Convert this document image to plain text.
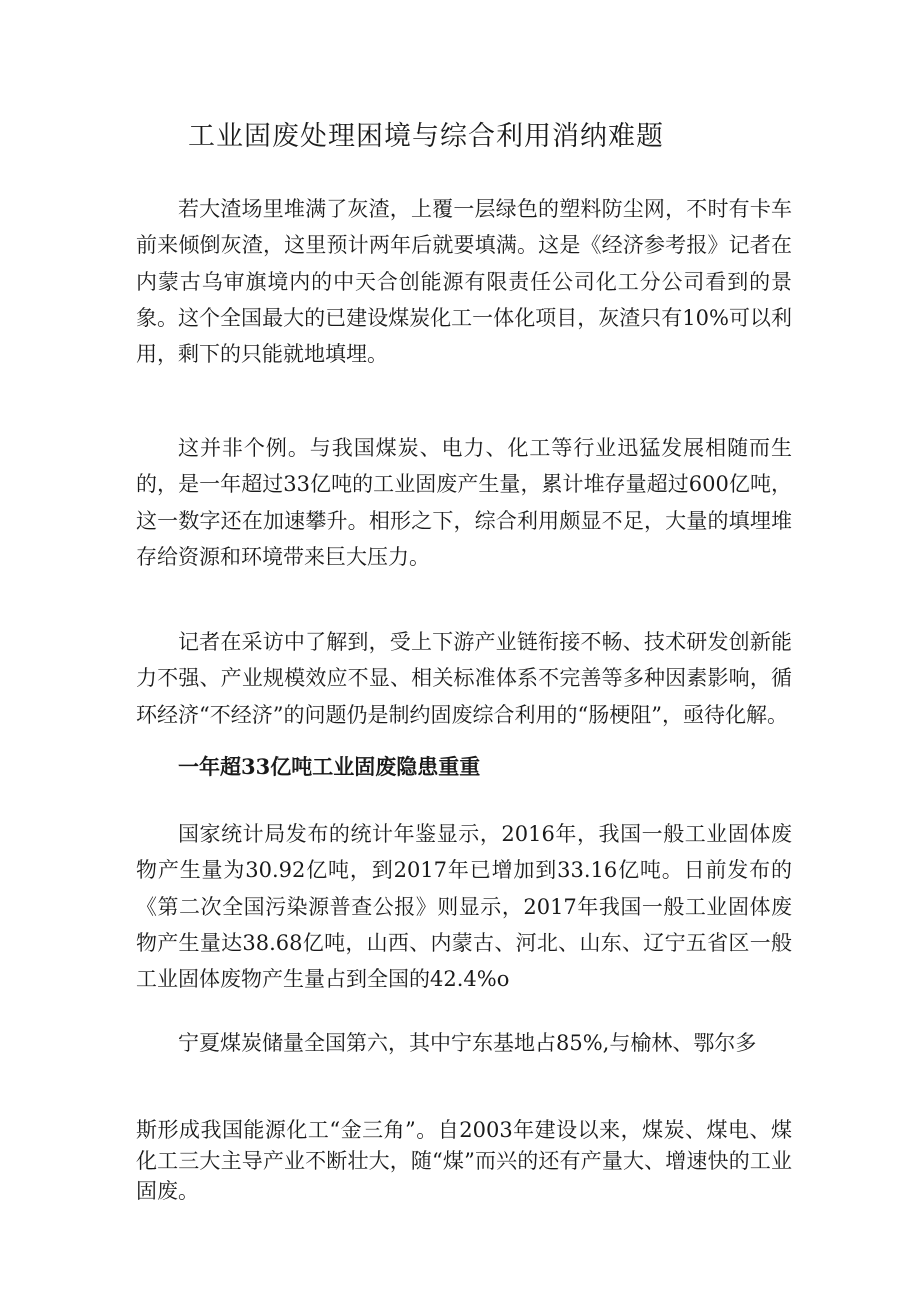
工业固废处理困境与综合利用消纳难题

若大渣场里堆满了灰渣，上覆一层绿色的塑料防尘网，不时有卡车前来倾倒灰渣，这里预计两年后就要填满。这是《经济参考报》记者在内蒙古乌审旗境内的中天合创能源有限责任公司化工分公司看到的景象。这个全国最大的已建设煤炭化工一体化项目，灰渣只有10%可以利用，剩下的只能就地填埋。

这并非个例。与我国煤炭、电力、化工等行业迅猛发展相随而生的，是一年超过33亿吨的工业固废产生量，累计堆存量超过600亿吨，这一数字还在加速攀升。相形之下，综合利用颇显不足，大量的填埋堆存给资源和环境带来巨大压力。

记者在采访中了解到，受上下游产业链衔接不畅、技术研发创新能力不强、产业规模效应不显、相关标准体系不完善等多种因素影响，循环经济“不经济”的问题仍是制约固废综合利用的“肠梗阻”，亟待化解。

一年超33亿吨工业固废隐患重重

国家统计局发布的统计年鉴显示，2016年，我国一般工业固体废物产生量为30.92亿吨，到2017年已增加到33.16亿吨。日前发布的《第二次全国污染源普查公报》则显示，2017年我国一般工业固体废物产生量达38.68亿吨，山西、内蒙古、河北、山东、辽宁五省区一般工业固体废物产生量占到全国的42.4%o

宁夏煤炭储量全国第六，其中宁东基地占85%,与榆林、鄂尔多

斯形成我国能源化工“金三角”。自2003年建设以来，煤炭、煤电、煤化工三大主导产业不断壮大，随“煤”而兴的还有产量大、增速快的工业固废。
